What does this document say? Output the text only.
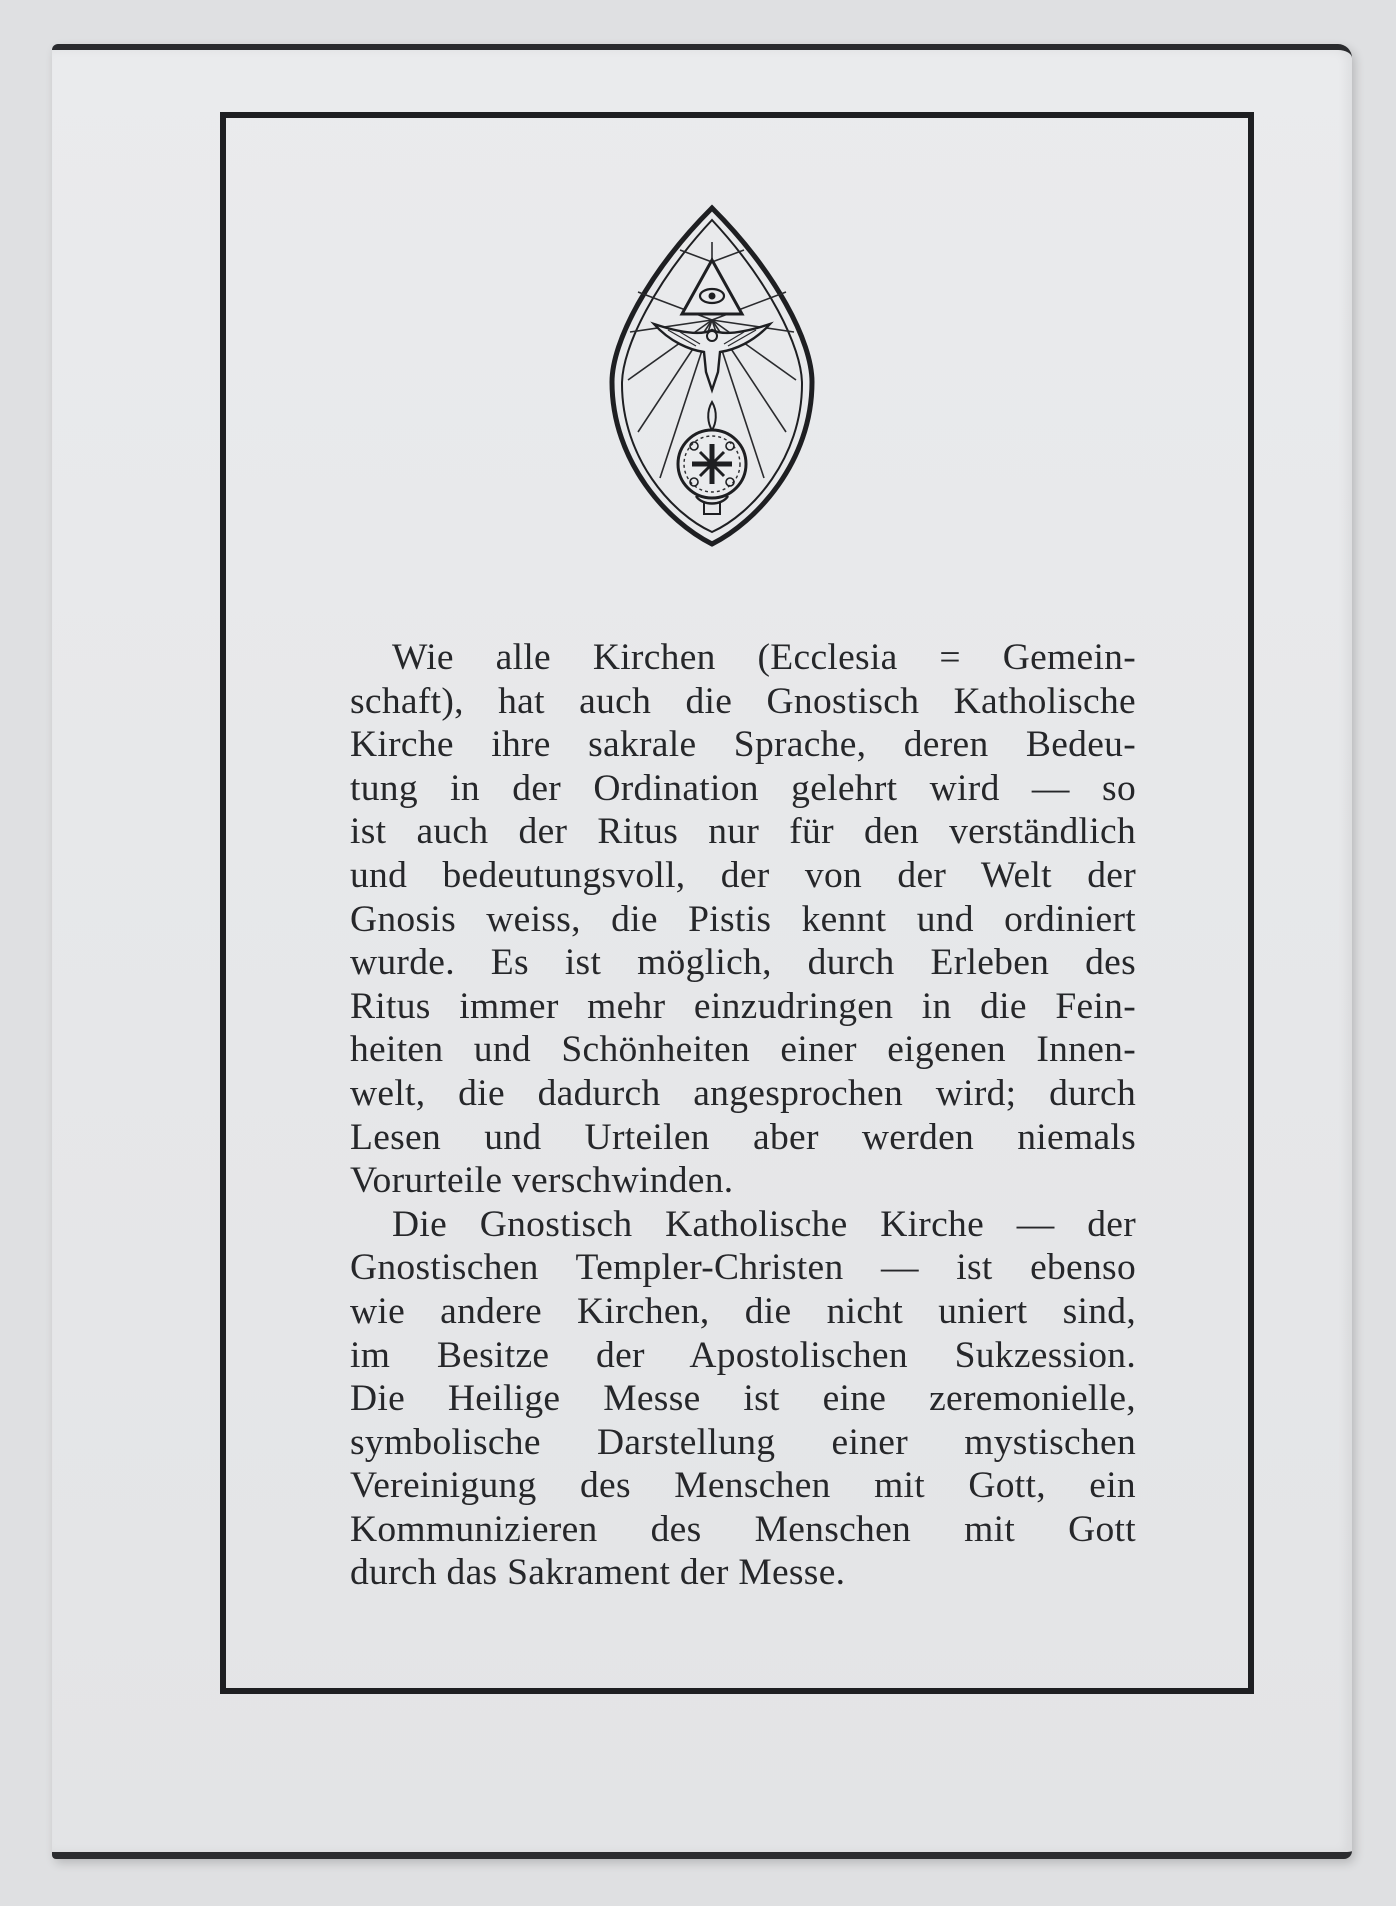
Wie alle Kirchen (Ecclesia = Gemein-
schaft), hat auch die Gnostisch Katholische
Kirche ihre sakrale Sprache, deren Bedeu-
tung in der Ordination gelehrt wird — so
ist auch der Ritus nur für den verständlich
und bedeutungsvoll, der von der Welt der
Gnosis weiss, die Pistis kennt und ordiniert
wurde. Es ist möglich, durch Erleben des
Ritus immer mehr einzudringen in die Fein-
heiten und Schönheiten einer eigenen Innen-
welt, die dadurch angesprochen wird; durch
Lesen und Urteilen aber werden niemals
Vorurteile verschwinden.
Die Gnostisch Katholische Kirche — der
Gnostischen Templer-Christen — ist ebenso
wie andere Kirchen, die nicht uniert sind,
im Besitze der Apostolischen Sukzession.
Die Heilige Messe ist eine zeremonielle,
symbolische Darstellung einer mystischen
Vereinigung des Menschen mit Gott, ein
Kommunizieren des Menschen mit Gott
durch das Sakrament der Messe.
